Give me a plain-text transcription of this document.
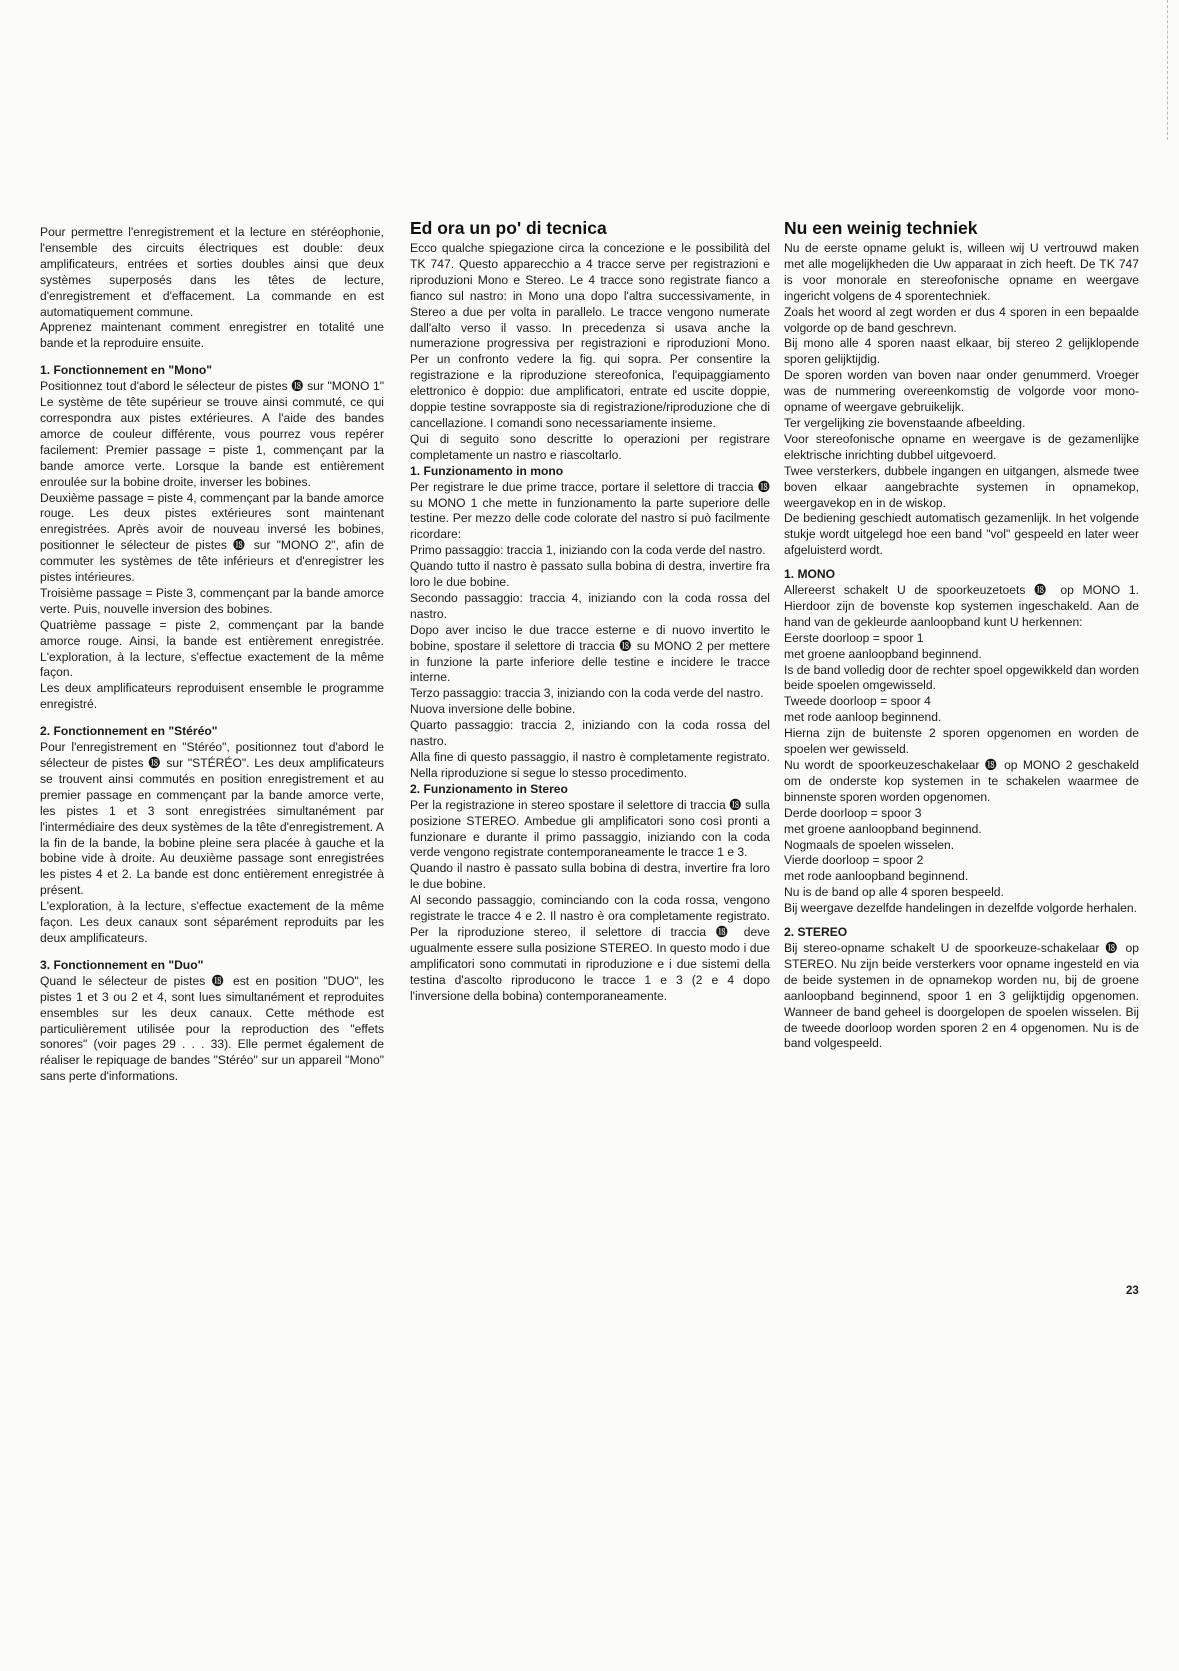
Pour permettre l'enregistrement et la lecture en stéréophonie, l'ensemble des circuits électriques est double: deux amplificateurs, entrées et sorties doubles ainsi que deux systèmes superposés dans les têtes de lecture, d'enregistrement et d'effacement. La commande en est automatiquement commune.

Apprenez maintenant comment enregistrer en totalité une bande et la reproduire ensuite.

1. Fonctionnement en "Mono"

Positionnez tout d'abord le sélecteur de pistes ⓲ sur "MONO 1" Le système de tête supérieur se trouve ainsi commuté, ce qui correspondra aux pistes extérieures. A l'aide des bandes amorce de couleur différente, vous pourrez vous repérer facilement: Premier passage = piste 1, commençant par la bande amorce verte. Lorsque la bande est entièrement enroulée sur la bobine droite, inverser les bobines.

Deuxième passage = piste 4, commençant par la bande amorce rouge. Les deux pistes extérieures sont maintenant enregistrées. Après avoir de nouveau inversé les bobines, positionner le sélecteur de pistes ⓲ sur "MONO 2", afin de commuter les systèmes de tête inférieurs et d'enregistrer les pistes intérieures.

Troisième passage = Piste 3, commençant par la bande amorce verte. Puis, nouvelle inversion des bobines.

Quatrième passage = piste 2, commençant par la bande amorce rouge. Ainsi, la bande est entièrement enregistrée. L'exploration, à la lecture, s'effectue exactement de la même façon.

Les deux amplificateurs reproduisent ensemble le programme enregistré.

2. Fonctionnement en "Stéréo"

Pour l'enregistrement en "Stéréo", positionnez tout d'abord le sélecteur de pistes ⓲ sur "STÉRÉO". Les deux amplificateurs se trouvent ainsi commutés en position enregistrement et au premier passage en commençant par la bande amorce verte, les pistes 1 et 3 sont enregistrées simultanément par l'intermédiaire des deux systèmes de la tête d'enregistrement. A la fin de la bande, la bobine pleine sera placée à gauche et la bobine vide à droite. Au deuxième passage sont enregistrées les pistes 4 et 2. La bande est donc entièrement enregistrée à présent.

L'exploration, à la lecture, s'effectue exactement de la même façon. Les deux canaux sont séparément reproduits par les deux amplificateurs.

3. Fonctionnement en "Duo"

Quand le sélecteur de pistes ⓲ est en position "DUO", les pistes 1 et 3 ou 2 et 4, sont lues simultanément et reproduites ensembles sur les deux canaux. Cette méthode est particulièrement utilisée pour la reproduction des "effets sonores" (voir pages 29 . . . 33). Elle permet également de réaliser le repiquage de bandes "Stéréo" sur un appareil "Mono" sans perte d'informations.

Ed ora un po' di tecnica

Ecco qualche spiegazione circa la concezione e le possibilità del TK 747. Questo apparecchio a 4 tracce serve per registrazioni e riproduzioni Mono e Stereo. Le 4 tracce sono registrate fianco a fianco sul nastro: in Mono una dopo l'altra successivamente, in Stereo a due per volta in parallelo. Le tracce vengono numerate dall'alto verso il vasso. In precedenza si usava anche la numerazione progressiva per registrazioni e riproduzioni Mono. Per un confronto vedere la fig. qui sopra. Per consentire la registrazione e la riproduzione stereofonica, l'equipaggiamento elettronico è doppio: due amplificatori, entrate ed uscite doppie, doppie testine sovrapposte sia di registrazione/riproduzione che di cancellazione. I comandi sono necessariamente insieme.

Qui di seguito sono descritte lo operazioni per registrare completamente un nastro e riascoltarlo.

1. Funzionamento in mono

Per registrare le due prime tracce, portare il selettore di traccia ⓲ su MONO 1 che mette in funzionamento la parte superiore delle testine. Per mezzo delle code colorate del nastro si può facilmente ricordare:

Primo passaggio: traccia 1, iniziando con la coda verde del nastro.

Quando tutto il nastro è passato sulla bobina di destra, invertire fra loro le due bobine.

Secondo passaggio: traccia 4, iniziando con la coda rossa del nastro.

Dopo aver inciso le due tracce esterne e di nuovo invertito le bobine, spostare il selettore di traccia ⓲ su MONO 2 per mettere in funzione la parte inferiore delle testine e incidere le tracce interne.

Terzo passaggio: traccia 3, iniziando con la coda verde del nastro.

Nuova inversione delle bobine.

Quarto passaggio: traccia 2, iniziando con la coda rossa del nastro.

Alla fine di questo passaggio, il nastro è completamente registrato. Nella riproduzione si segue lo stesso procedimento.

2. Funzionamento in Stereo

Per la registrazione in stereo spostare il selettore di traccia ⓲ sulla posizione STEREO. Ambedue gli amplificatori sono così pronti a funzionare e durante il primo passaggio, iniziando con la coda verde vengono registrate contemporaneamente le tracce 1 e 3.

Quando il nastro è passato sulla bobina di destra, invertire fra loro le due bobine.

Al secondo passaggio, cominciando con la coda rossa, vengono registrate le tracce 4 e 2. Il nastro è ora completamente registrato. Per la riproduzione stereo, il selettore di traccia ⓲ deve ugualmente essere sulla posizione STEREO. In questo modo i due amplificatori sono commutati in riproduzione e i due sistemi della testina d'ascolto riproducono le tracce 1 e 3 (2 e 4 dopo l'inversione della bobina) contemporaneamente.

Nu een weinig techniek

Nu de eerste opname gelukt is, willeen wij U vertrouwd maken met alle mogelijkheden die Uw apparaat in zich heeft. De TK 747 is voor monorale en stereofonische opname en weergave ingericht volgens de 4 sporentechniek.

Zoals het woord al zegt worden er dus 4 sporen in een bepaalde volgorde op de band geschrevn.

Bij mono alle 4 sporen naast elkaar, bij stereo 2 gelijklopende sporen gelijktijdig.

De sporen worden van boven naar onder genummerd. Vroeger was de nummering overeenkomstig de volgorde voor mono-opname of weergave gebruikelijk.

Ter vergelijking zie bovenstaande afbeelding.

Voor stereofonische opname en weergave is de gezamenlijke elektrische inrichting dubbel uitgevoerd.

Twee versterkers, dubbele ingangen en uitgangen, alsmede twee boven elkaar aangebrachte systemen in opnamekop, weergavekop en in de wiskop.

De bediening geschiedt automatisch gezamenlijk. In het volgende stukje wordt uitgelegd hoe een band "vol" gespeeld en later weer afgeluisterd wordt.

1. MONO

Allereerst schakelt U de spoorkeuzetoets ⓲ op MONO 1. Hierdoor zijn de bovenste kop systemen ingeschakeld. Aan de hand van de gekleurde aanloopband kunt U herkennen:

Eerste doorloop = spoor 1

met groene aanloopband beginnend.

Is de band volledig door de rechter spoel opgewikkeld dan worden beide spoelen omgewisseld.

Tweede doorloop = spoor 4

met rode aanloop beginnend.

Hierna zijn de buitenste 2 sporen opgenomen en worden de spoelen wer gewisseld.

Nu wordt de spoorkeuzeschakelaar ⓲ op MONO 2 geschakeld om de onderste kop systemen in te schakelen waarmee de binnenste sporen worden opgenomen.

Derde doorloop = spoor 3

met groene aanloopband beginnend.

Nogmaals de spoelen wisselen.

Vierde doorloop = spoor 2

met rode aanloopband beginnend.

Nu is de band op alle 4 sporen bespeeld.

Bij weergave dezelfde handelingen in dezelfde volgorde herhalen.

2. STEREO

Bij stereo-opname schakelt U de spoorkeuze-schakelaar ⓲ op STEREO. Nu zijn beide versterkers voor opname ingesteld en via de beide systemen in de opnamekop worden nu, bij de groene aanloopband beginnend, spoor 1 en 3 gelijktijdig opgenomen. Wanneer de band geheel is doorgelopen de spoelen wisselen. Bij de tweede doorloop worden sporen 2 en 4 opgenomen. Nu is de band volgespeeld.

23
